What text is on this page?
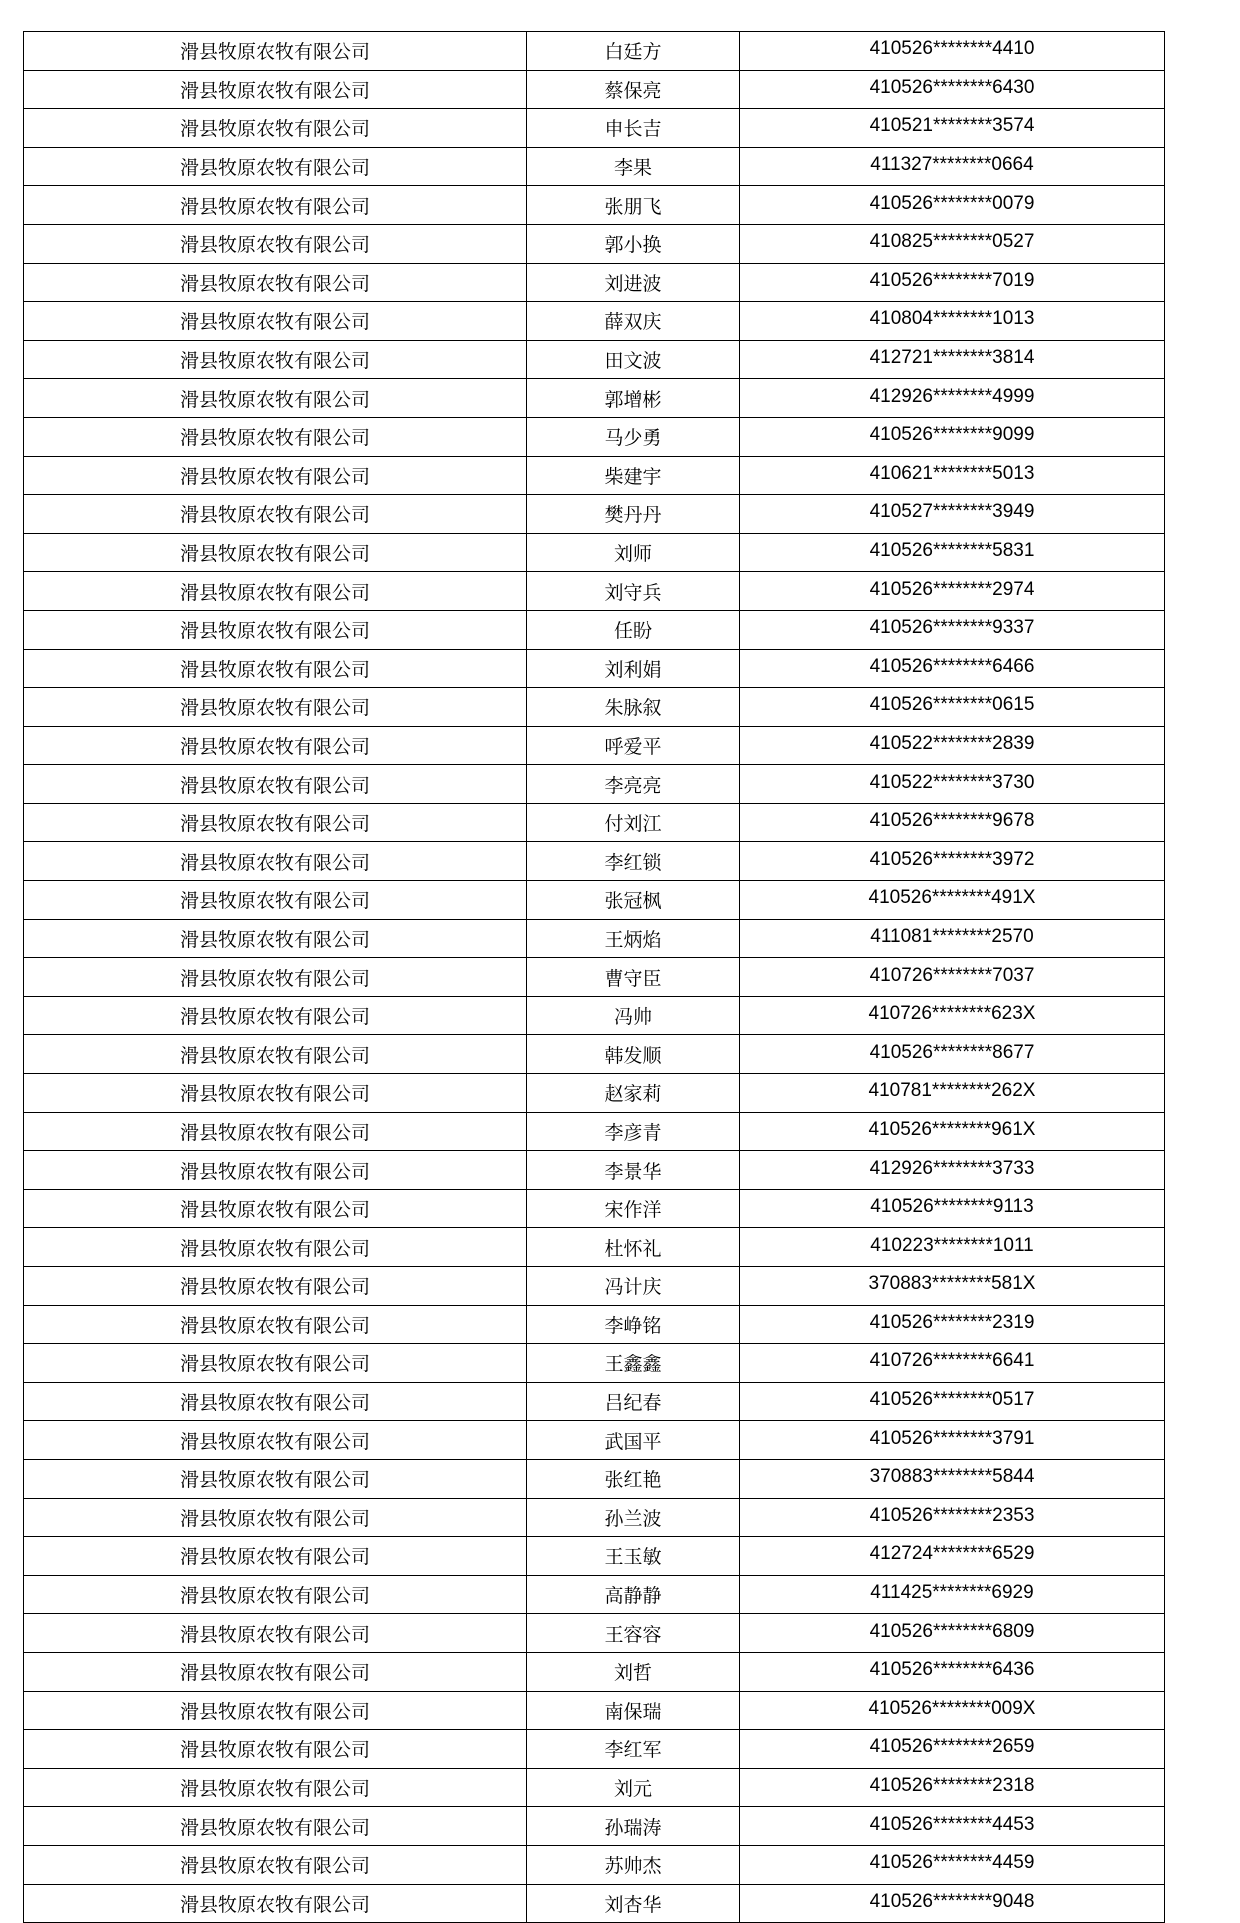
滑县牧原农牧有限公司	白廷方	410526********4410
滑县牧原农牧有限公司	蔡保亮	410526********6430
滑县牧原农牧有限公司	申长吉	410521********3574
滑县牧原农牧有限公司	李果	411327********0664
滑县牧原农牧有限公司	张朋飞	410526********0079
滑县牧原农牧有限公司	郭小换	410825********0527
滑县牧原农牧有限公司	刘进波	410526********7019
滑县牧原农牧有限公司	薛双庆	410804********1013
滑县牧原农牧有限公司	田文波	412721********3814
滑县牧原农牧有限公司	郭增彬	412926********4999
滑县牧原农牧有限公司	马少勇	410526********9099
滑县牧原农牧有限公司	柴建宇	410621********5013
滑县牧原农牧有限公司	樊丹丹	410527********3949
滑县牧原农牧有限公司	刘师	410526********5831
滑县牧原农牧有限公司	刘守兵	410526********2974
滑县牧原农牧有限公司	任盼	410526********9337
滑县牧原农牧有限公司	刘利娟	410526********6466
滑县牧原农牧有限公司	朱脉叙	410526********0615
滑县牧原农牧有限公司	呼爱平	410522********2839
滑县牧原农牧有限公司	李亮亮	410522********3730
滑县牧原农牧有限公司	付刘江	410526********9678
滑县牧原农牧有限公司	李红锁	410526********3972
滑县牧原农牧有限公司	张冠枫	410526********491X
滑县牧原农牧有限公司	王炳焰	411081********2570
滑县牧原农牧有限公司	曹守臣	410726********7037
滑县牧原农牧有限公司	冯帅	410726********623X
滑县牧原农牧有限公司	韩发顺	410526********8677
滑县牧原农牧有限公司	赵家莉	410781********262X
滑县牧原农牧有限公司	李彦青	410526********961X
滑县牧原农牧有限公司	李景华	412926********3733
滑县牧原农牧有限公司	宋作洋	410526********9113
滑县牧原农牧有限公司	杜怀礼	410223********1011
滑县牧原农牧有限公司	冯计庆	370883********581X
滑县牧原农牧有限公司	李峥铭	410526********2319
滑县牧原农牧有限公司	王鑫鑫	410726********6641
滑县牧原农牧有限公司	吕纪春	410526********0517
滑县牧原农牧有限公司	武国平	410526********3791
滑县牧原农牧有限公司	张红艳	370883********5844
滑县牧原农牧有限公司	孙兰波	410526********2353
滑县牧原农牧有限公司	王玉敏	412724********6529
滑县牧原农牧有限公司	高静静	411425********6929
滑县牧原农牧有限公司	王容容	410526********6809
滑县牧原农牧有限公司	刘哲	410526********6436
滑县牧原农牧有限公司	南保瑞	410526********009X
滑县牧原农牧有限公司	李红军	410526********2659
滑县牧原农牧有限公司	刘元	410526********2318
滑县牧原农牧有限公司	孙瑞涛	410526********4453
滑县牧原农牧有限公司	苏帅杰	410526********4459
滑县牧原农牧有限公司	刘杏华	410526********9048
